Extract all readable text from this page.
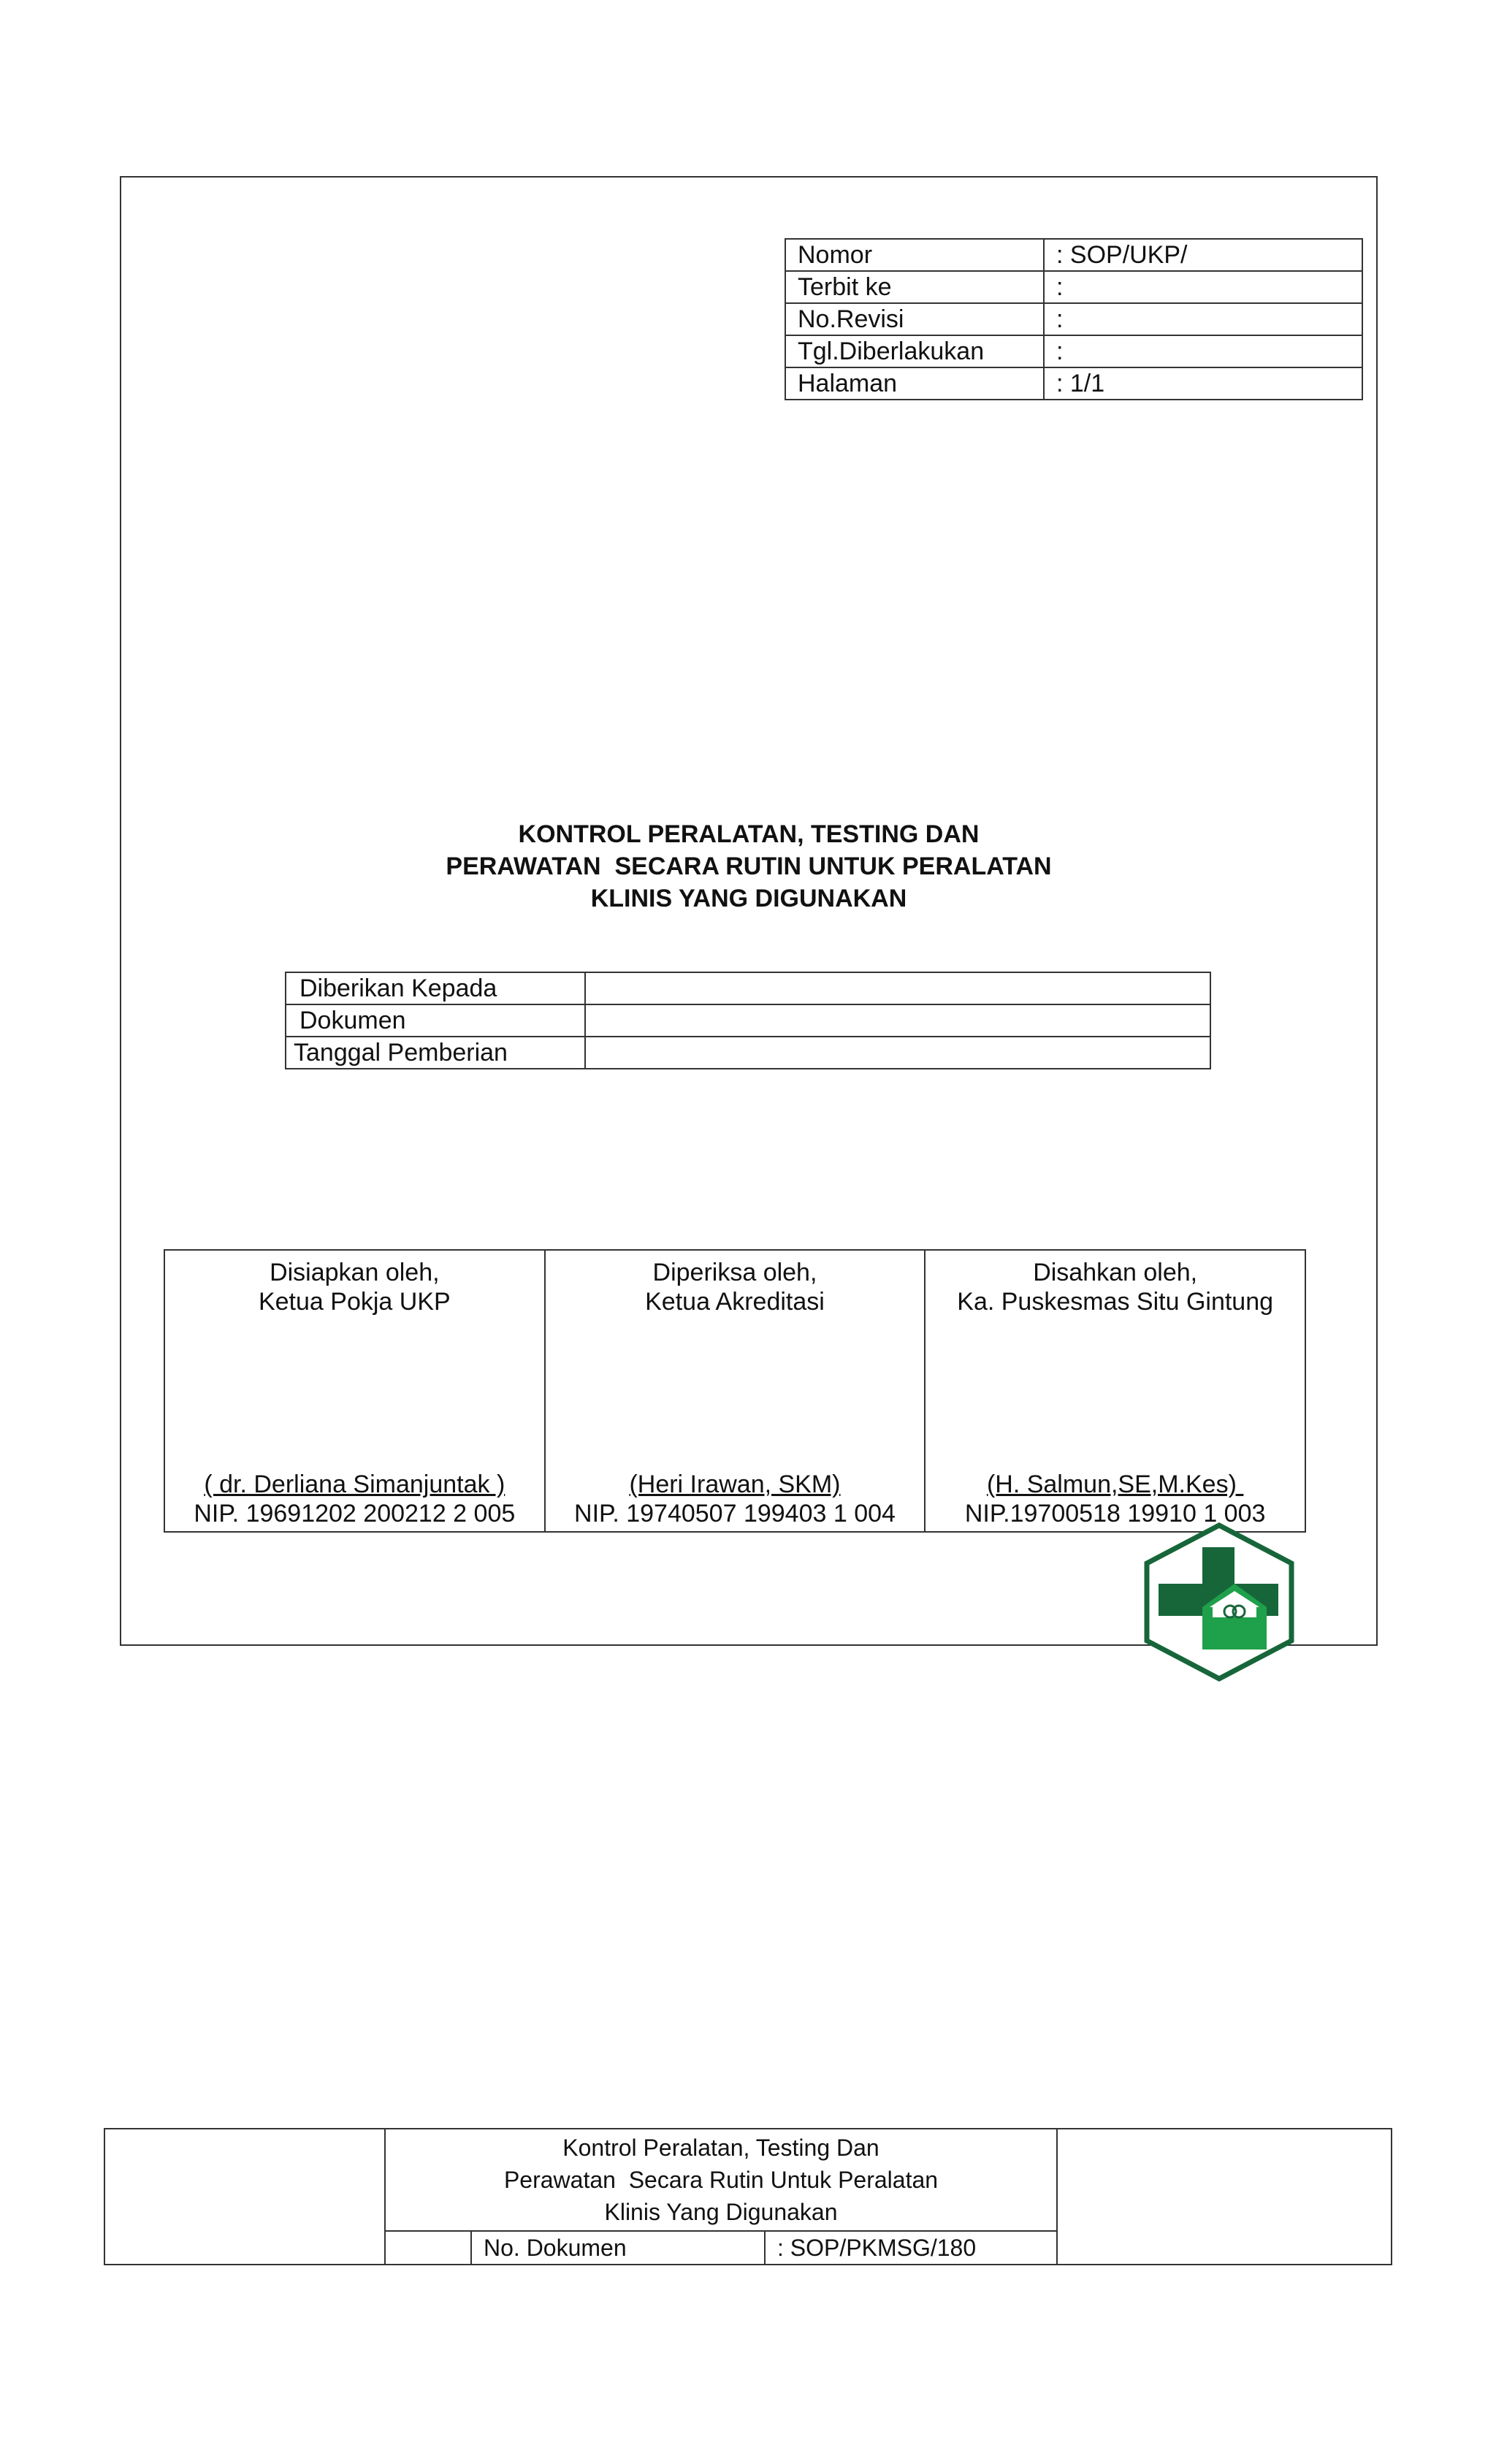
Nomor	: SOP/UKP/
Terbit ke	:
No.Revisi	:
Tgl.Diberlakukan	:
Halaman	: 1/1
KONTROL PERALATAN, TESTING DAN
PERAWATAN  SECARA RUTIN UNTUK PERALATAN
KLINIS YANG DIGUNAKAN
Diberikan Kepada	
Dokumen	
Tanggal Pemberian	
Disiapkan oleh,
Ketua Pokja UKP
( dr. Derliana Simanjuntak )
NIP. 19691202 200212 2 005

Diperiksa oleh,
Ketua Akreditasi
(Heri Irawan, SKM)
NIP. 19740507 199403 1 004

Disahkan oleh,
Ka. Puskesmas Situ Gintung
(H. Salmun,SE,M.Kes)
NIP.19700518 19910 1 003

	Kontrol Peralatan, Testing Dan
Perawatan  Secara Rutin Untuk Peralatan
Klinis Yang Digunakan			

		No. Dokumen	: SOP/PKMSG/180	
